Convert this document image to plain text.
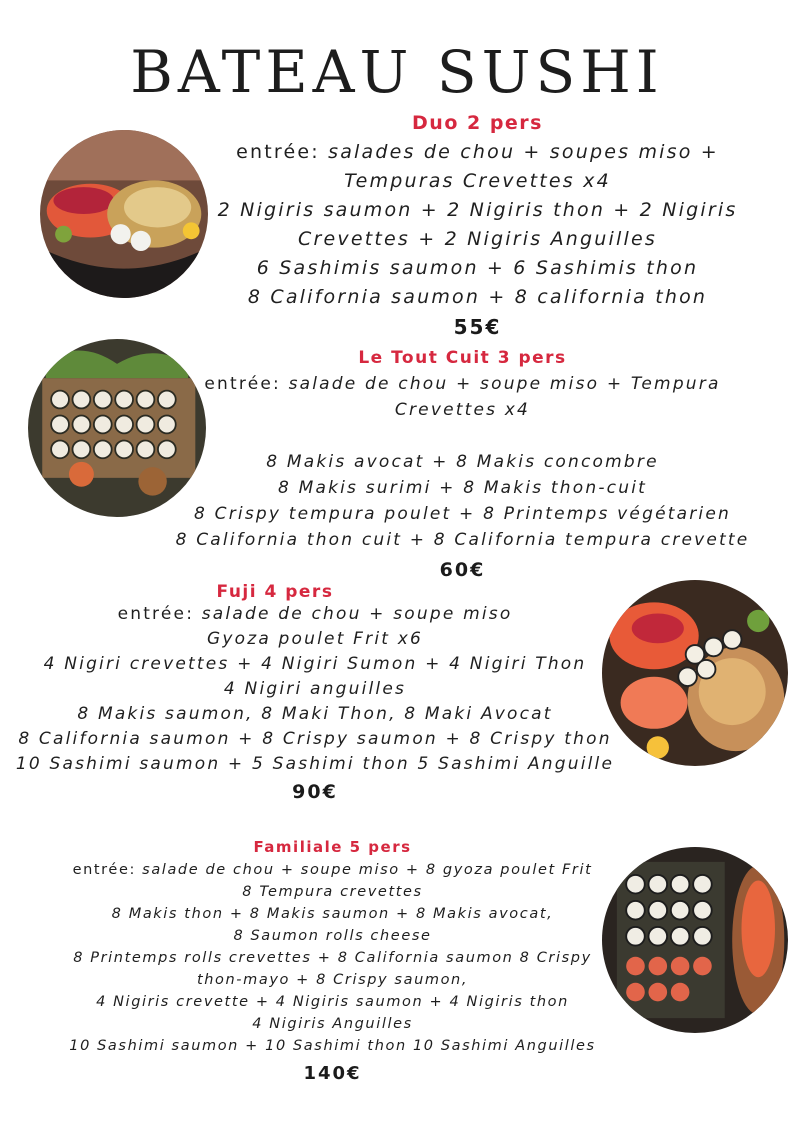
BATEAU SUSHI
Duo 2 pers
entrée: salades de chou + soupes miso +
Tempuras Crevettes x4
2 Nigiris saumon + 2 Nigiris thon + 2 Nigiris
Crevettes + 2 Nigiris Anguilles
6 Sashimis saumon + 6 Sashimis thon
8 California saumon + 8 california thon
55€
Le Tout Cuit 3 pers
entrée: salade de chou + soupe miso + Tempura
Crevettes x4
8 Makis avocat + 8 Makis concombre
8 Makis surimi + 8 Makis thon-cuit
8 Crispy tempura poulet + 8 Printemps végétarien
8 California thon cuit + 8 California tempura crevette
60€
Fuji 4 pers
entrée: salade de chou + soupe miso
Gyoza poulet Frit x6
4 Nigiri crevettes + 4 Nigiri Sumon + 4 Nigiri Thon
4 Nigiri anguilles
8 Makis saumon, 8 Maki Thon, 8 Maki Avocat
8 California saumon + 8 Crispy saumon + 8 Crispy thon
10 Sashimi saumon + 5 Sashimi thon 5 Sashimi Anguille
90€
Familiale 5 pers
entrée: salade de chou + soupe miso + 8 gyoza poulet Frit
8 Tempura crevettes
8 Makis thon + 8 Makis saumon + 8 Makis avocat,
8 Saumon rolls cheese
8 Printemps rolls crevettes + 8 California saumon 8 Crispy
thon-mayo + 8 Crispy saumon,
4 Nigiris crevette + 4 Nigiris saumon + 4 Nigiris thon
4 Nigiris Anguilles
10 Sashimi saumon + 10 Sashimi thon 10 Sashimi Anguilles
140€
